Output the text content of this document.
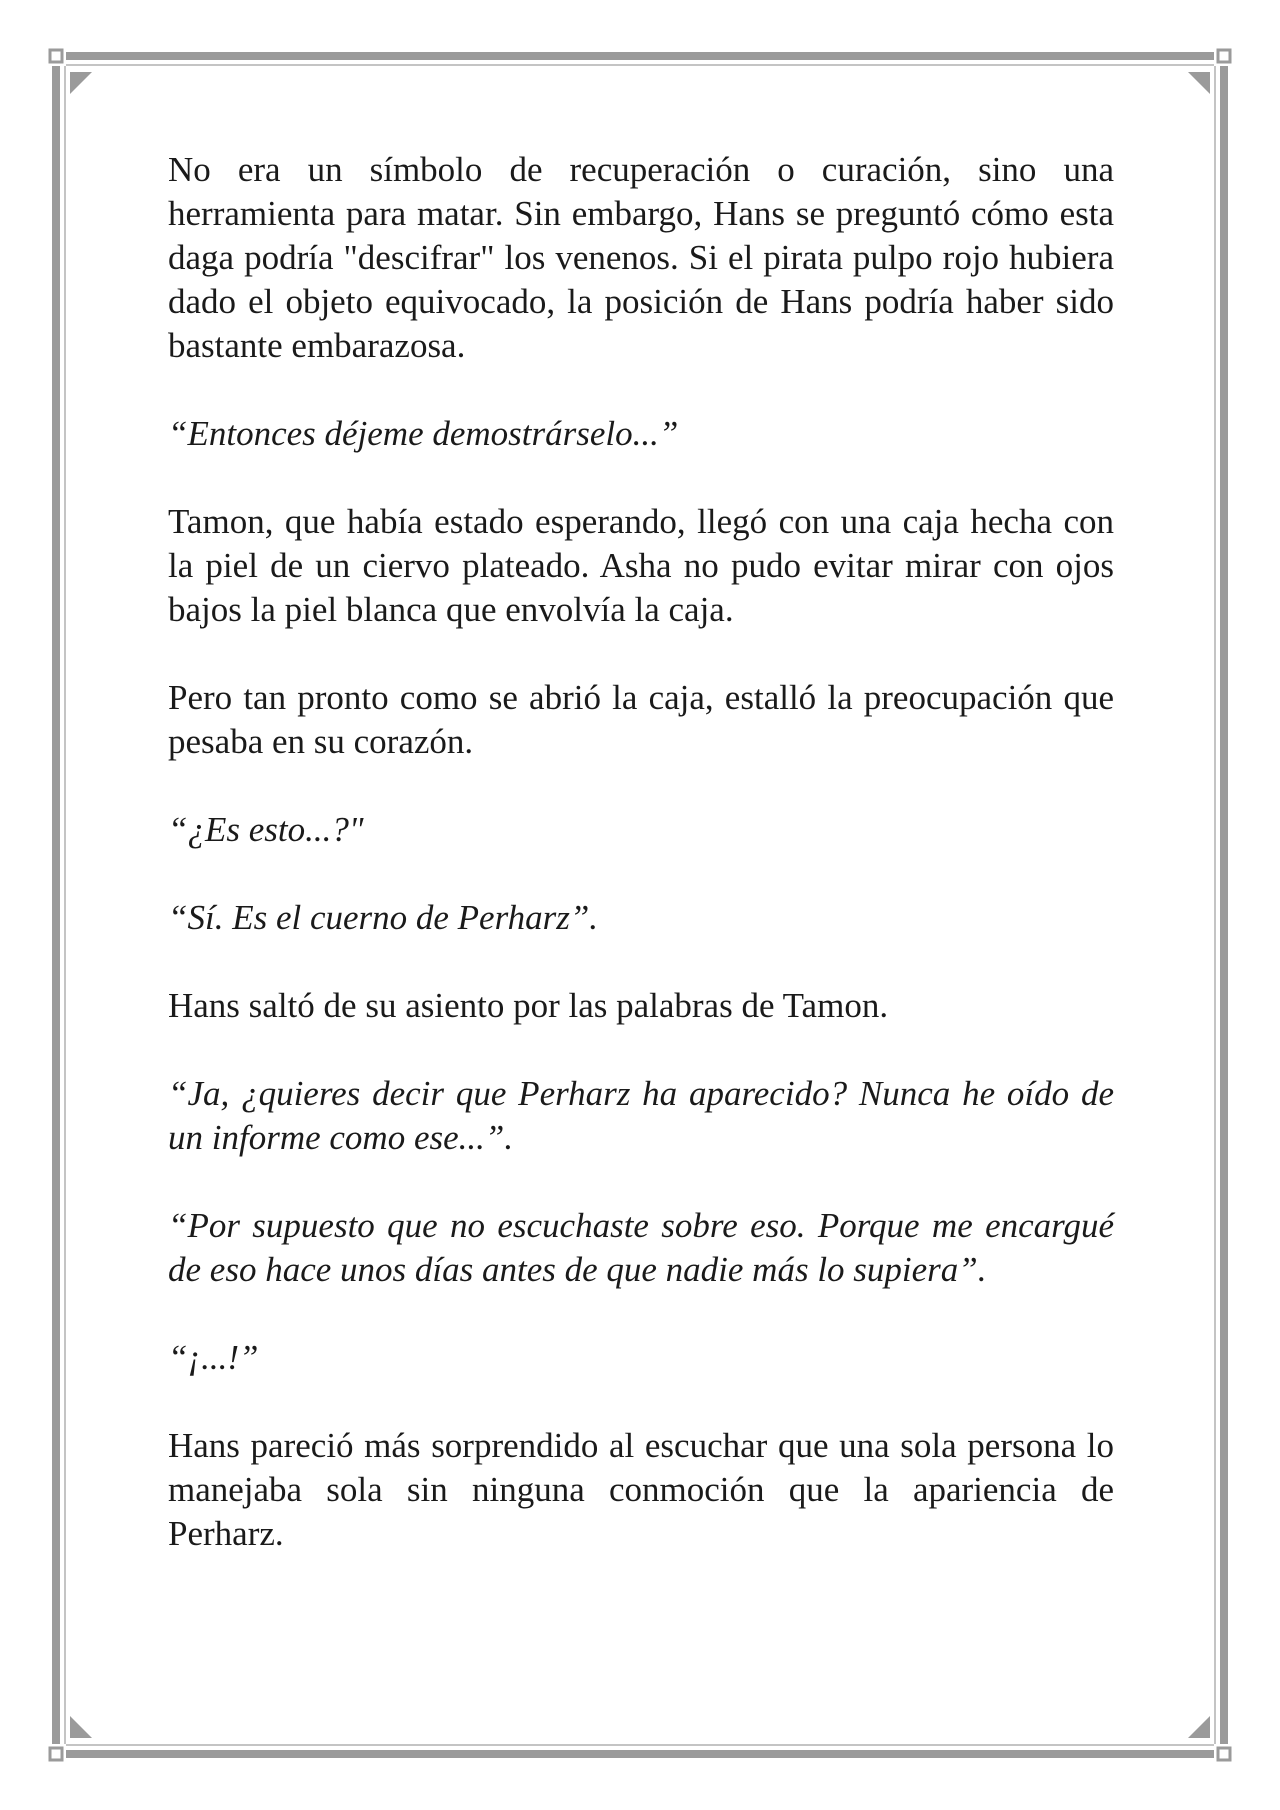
No era un símbolo de recuperación o curación, sino una herramienta para matar. Sin embargo, Hans se preguntó cómo esta daga podría "descifrar" los venenos. Si el pirata pulpo rojo hubiera dado el objeto equivocado, la posición de Hans podría haber sido bastante embarazosa.

“Entonces déjeme demostrárselo...”

Tamon, que había estado esperando, llegó con una caja hecha con la piel de un ciervo plateado. Asha no pudo evitar mirar con ojos bajos la piel blanca que envolvía la caja.

Pero tan pronto como se abrió la caja, estalló la preocupación que pesaba en su corazón.

“¿Es esto...?"

“Sí. Es el cuerno de Perharz”.

Hans saltó de su asiento por las palabras de Tamon.

“Ja, ¿quieres decir que Perharz ha aparecido? Nunca he oído de un informe como ese...”.

“Por supuesto que no escuchaste sobre eso. Porque me encargué de eso hace unos días antes de que nadie más lo supiera”.

“¡...!”

Hans pareció más sorprendido al escuchar que una sola persona lo manejaba sola sin ninguna conmoción que la apariencia de Perharz.
